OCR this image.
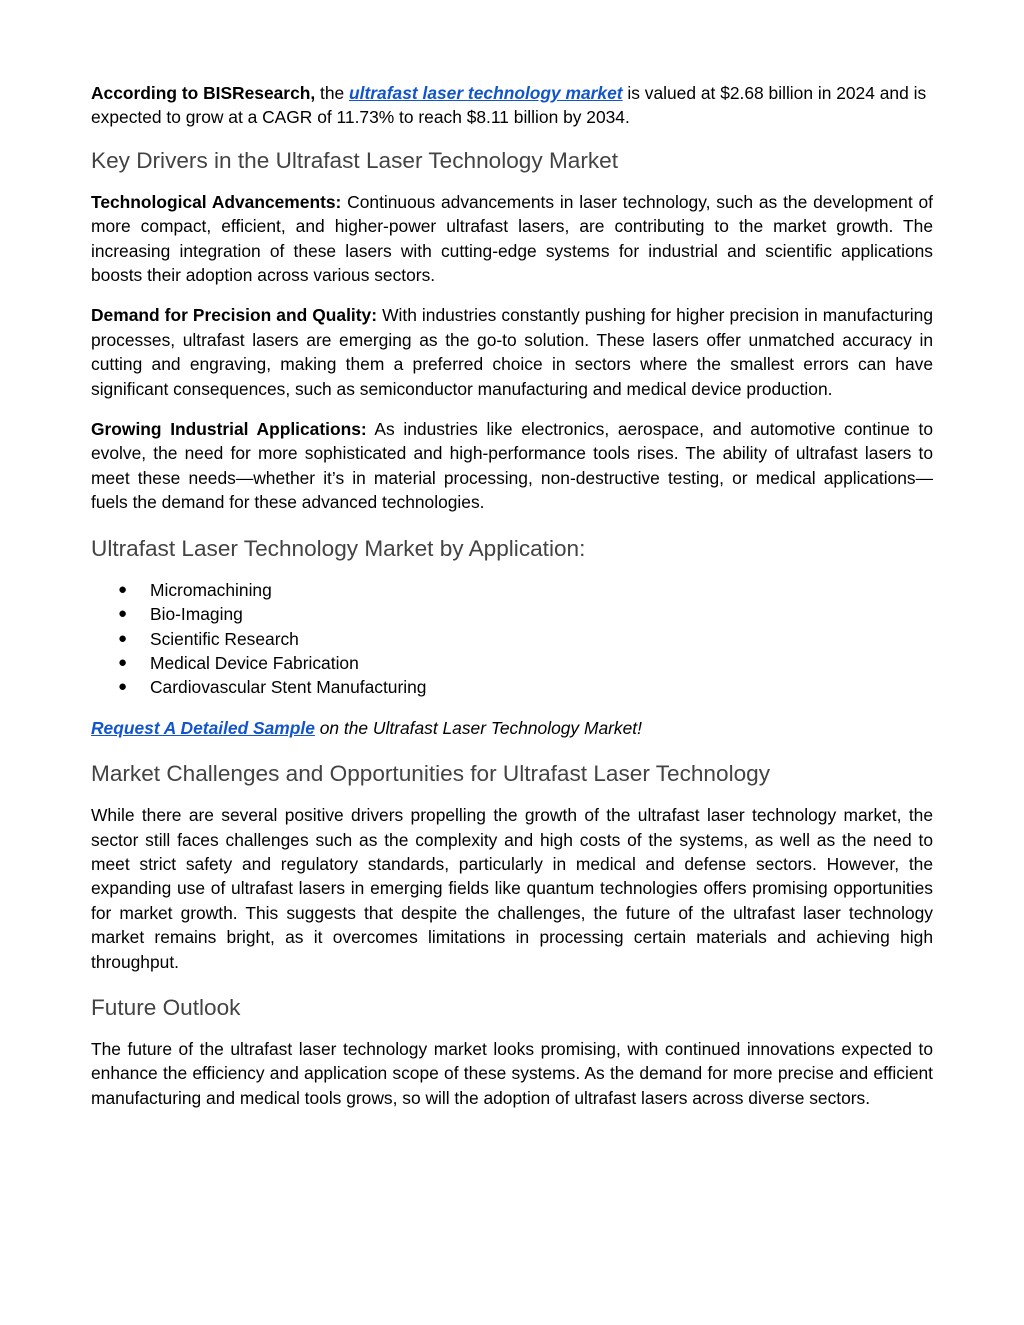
According to BISResearch, the ultrafast laser technology market is valued at $2.68 billion in 2024 and is expected to grow at a CAGR of 11.73% to reach $8.11 billion by 2034.

Key Drivers in the Ultrafast Laser Technology Market

Technological Advancements: Continuous advancements in laser technology, such as the development of more compact, efficient, and higher-power ultrafast lasers, are contributing to the market growth. The increasing integration of these lasers with cutting-edge systems for industrial and scientific applications boosts their adoption across various sectors.

Demand for Precision and Quality: With industries constantly pushing for higher precision in manufacturing processes, ultrafast lasers are emerging as the go-to solution. These lasers offer unmatched accuracy in cutting and engraving, making them a preferred choice in sectors where the smallest errors can have significant consequences, such as semiconductor manufacturing and medical device production.

Growing Industrial Applications: As industries like electronics, aerospace, and automotive continue to evolve, the need for more sophisticated and high-performance tools rises. The ability of ultrafast lasers to meet these needs—whether it’s in material processing, non-destructive testing, or medical applications—fuels the demand for these advanced technologies.

Ultrafast Laser Technology Market by Application:
● Micromachining
● Bio-Imaging
● Scientific Research
● Medical Device Fabrication
● Cardiovascular Stent Manufacturing

Request A Detailed Sample on the Ultrafast Laser Technology Market!

Market Challenges and Opportunities for Ultrafast Laser Technology

While there are several positive drivers propelling the growth of the ultrafast laser technology market, the sector still faces challenges such as the complexity and high costs of the systems, as well as the need to meet strict safety and regulatory standards, particularly in medical and defense sectors. However, the expanding use of ultrafast lasers in emerging fields like quantum technologies offers promising opportunities for market growth. This suggests that despite the challenges, the future of the ultrafast laser technology market remains bright, as it overcomes limitations in processing certain materials and achieving high throughput.

Future Outlook

The future of the ultrafast laser technology market looks promising, with continued innovations expected to enhance the efficiency and application scope of these systems. As the demand for more precise and efficient manufacturing and medical tools grows, so will the adoption of ultrafast lasers across diverse sectors.
